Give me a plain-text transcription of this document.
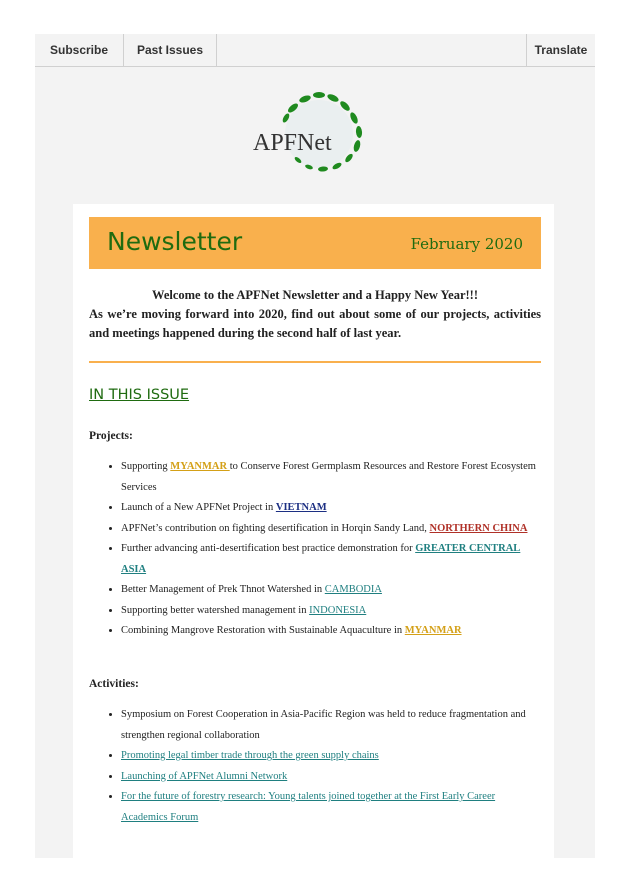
Subscribe	Past Issues	Translate
APFNet
Newsletter	February 2020
Welcome to the APFNet Newsletter and a Happy New Year!!!
As we’re moving forward into 2020, find out about some of our projects, activities and meetings happened during the second half of last year.
IN THIS ISSUE
Projects:
• Supporting MYANMAR to Conserve Forest Germplasm Resources and Restore Forest Ecosystem Services
• Launch of a New APFNet Project in VIETNAM
• APFNet’s contribution on fighting desertification in Horqin Sandy Land, NORTHERN CHINA
• Further advancing anti-desertification best practice demonstration for GREATER CENTRAL ASIA
• Better Management of Prek Thnot Watershed in CAMBODIA
• Supporting better watershed management in INDONESIA
• Combining Mangrove Restoration with Sustainable Aquaculture in MYANMAR
Activities:
• Symposium on Forest Cooperation in Asia-Pacific Region was held to reduce fragmentation and strengthen regional collaboration
• Promoting legal timber trade through the green supply chains
• Launching of APFNet Alumni Network
• For the future of forestry research: Young talents joined together at the First Early Career Academics Forum
